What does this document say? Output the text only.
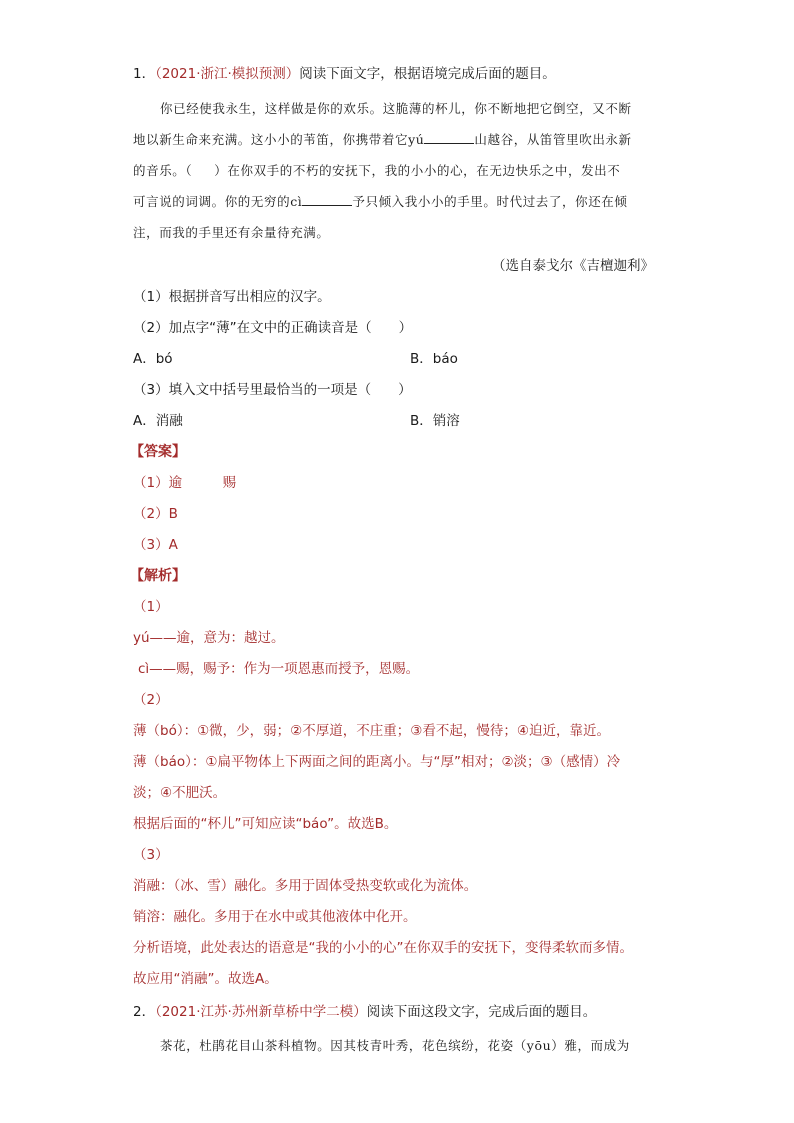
1．（2021·浙江·模拟预测）阅读下面文字，根据语境完成后面的题目。
你已经使我永生，这样做是你的欢乐。这脆薄的杯儿，你不断地把它倒空，又不断
地以新生命来充满。这小小的苇笛，你携带着它yú	山越谷，从笛管里吹出永新
的音乐。（ ）在你双手的不朽的安抚下，我的小小的心，在无边快乐之中，发出不
可言说的词调。你的无穷的cì	予只倾入我小小的手里。时代过去了，你还在倾
注，而我的手里还有余量待充满。
（选自泰戈尔《吉檀迦利》
（1）根据拼音写出相应的汉字。
（2）加点字“薄”在文中的正确读音是（　　）
A．bó	B．báo
（3）填入文中括号里最恰当的一项是（　　）
A．消融	B．销溶
【答案】
（1）逾　　　赐
（2）B
（3）A
【解析】
（1）
yú——逾，意为：越过。
cì——赐，赐予：作为一项恩惠而授予，恩赐。
（2）
薄（bó）：①微，少，弱；②不厚道，不庄重；③看不起，慢待；④迫近，靠近。
薄（báo）：①扁平物体上下两面之间的距离小。与“厚”相对；②淡；③（感情）冷
淡；④不肥沃。
根据后面的“杯儿”可知应读“báo”。故选B。
（3）
消融：（冰、雪）融化。多用于固体受热变软或化为流体。
销溶：融化。多用于在水中或其他液体中化开。
分析语境，此处表达的语意是“我的小小的心”在你双手的安抚下，变得柔软而多情。
故应用“消融”。故选A。
2．（2021·江苏·苏州新草桥中学二模）阅读下面这段文字，完成后面的题目。
茶花，杜鹃花目山茶科植物。因其枝青叶秀，花色缤纷，花姿（yōu）雅，而成为
